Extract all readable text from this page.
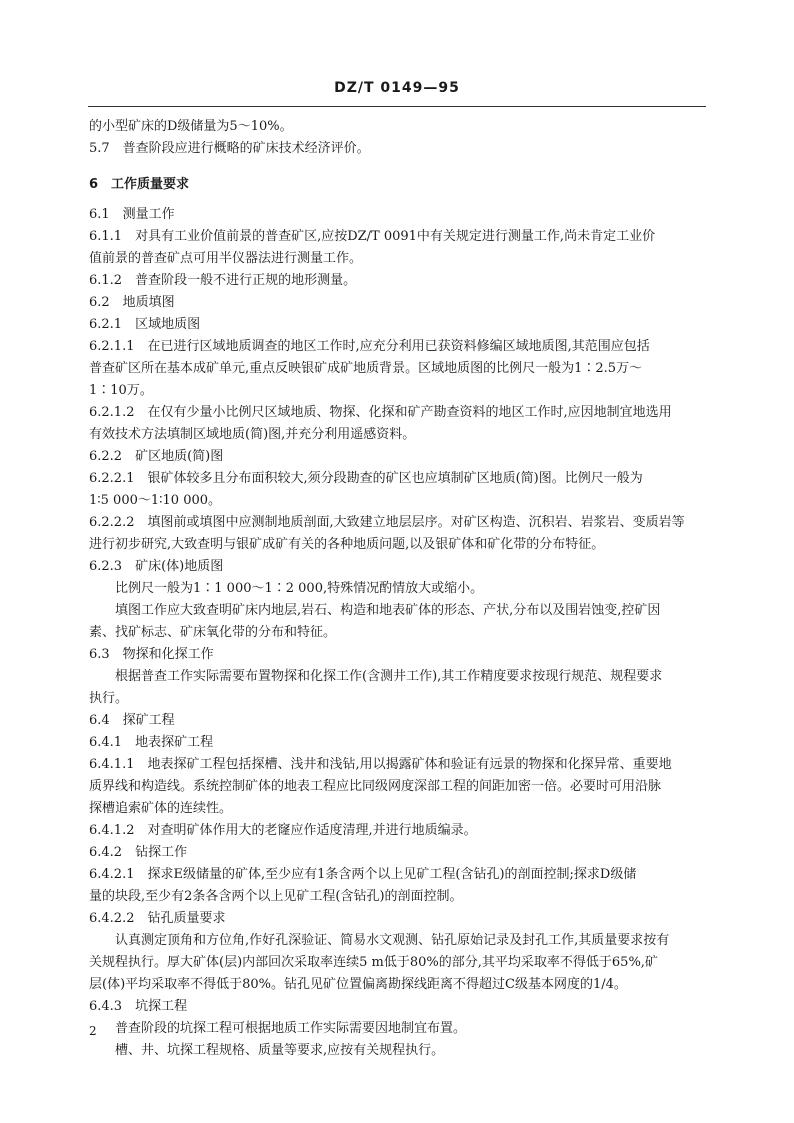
DZ/T 0149—95
的小型矿床的D级储量为5～10%。
5.7　普查阶段应进行概略的矿床技术经济评价。
6　工作质量要求
6.1　测量工作
6.1.1　对具有工业价值前景的普查矿区,应按DZ/T 0091中有关规定进行测量工作,尚未肯定工业价
值前景的普查矿点可用半仪器法进行测量工作。
6.1.2　普查阶段一般不进行正规的地形测量。
6.2　地质填图
6.2.1　区域地质图
6.2.1.1　在已进行区域地质调查的地区工作时,应充分利用已获资料修编区域地质图,其范围应包括
普查矿区所在基本成矿单元,重点反映银矿成矿地质背景。区域地质图的比例尺一般为1∶2.5万～
1∶10万。
6.2.1.2　在仅有少量小比例尺区域地质、物探、化探和矿产勘查资料的地区工作时,应因地制宜地选用
有效技术方法填制区域地质(简)图,并充分利用遥感资料。
6.2.2　矿区地质(简)图
6.2.2.1　银矿体较多且分布面积较大,须分段勘查的矿区也应填制矿区地质(简)图。比例尺一般为
1∶5 000～1∶10 000。
6.2.2.2　填图前或填图中应测制地质剖面,大致建立地层层序。对矿区构造、沉积岩、岩浆岩、变质岩等
进行初步研究,大致查明与银矿成矿有关的各种地质问题,以及银矿体和矿化带的分布特征。
6.2.3　矿床(体)地质图
比例尺一般为1∶1 000～1∶2 000,特殊情况酌情放大或缩小。
填图工作应大致查明矿床内地层,岩石、构造和地表矿体的形态、产状,分布以及围岩蚀变,控矿因
素、找矿标志、矿床氧化带的分布和特征。
6.3　物探和化探工作
根据普查工作实际需要布置物探和化探工作(含测井工作),其工作精度要求按现行规范、规程要求
执行。
6.4　探矿工程
6.4.1　地表探矿工程
6.4.1.1　地表探矿工程包括探槽、浅井和浅钻,用以揭露矿体和验证有远景的物探和化探异常、重要地
质界线和构造线。系统控制矿体的地表工程应比同级网度深部工程的间距加密一倍。必要时可用沿脉
探槽追索矿体的连续性。
6.4.1.2　对查明矿体作用大的老窿应作适度清理,并进行地质编录。
6.4.2　钻探工作
6.4.2.1　探求E级储量的矿体,至少应有1条含两个以上见矿工程(含钻孔)的剖面控制;探求D级储
量的块段,至少有2条各含两个以上见矿工程(含钻孔)的剖面控制。
6.4.2.2　钻孔质量要求
认真测定顶角和方位角,作好孔深验证、简易水文观测、钻孔原始记录及封孔工作,其质量要求按有
关规程执行。厚大矿体(层)内部回次采取率连续5 m低于80%的部分,其平均采取率不得低于65%,矿
层(体)平均采取率不得低于80%。钻孔见矿位置偏离勘探线距离不得超过C级基本网度的1/4。
6.4.3　坑探工程
普查阶段的坑探工程可根据地质工作实际需要因地制宜布置。
槽、井、坑探工程规格、质量等要求,应按有关规程执行。
2
